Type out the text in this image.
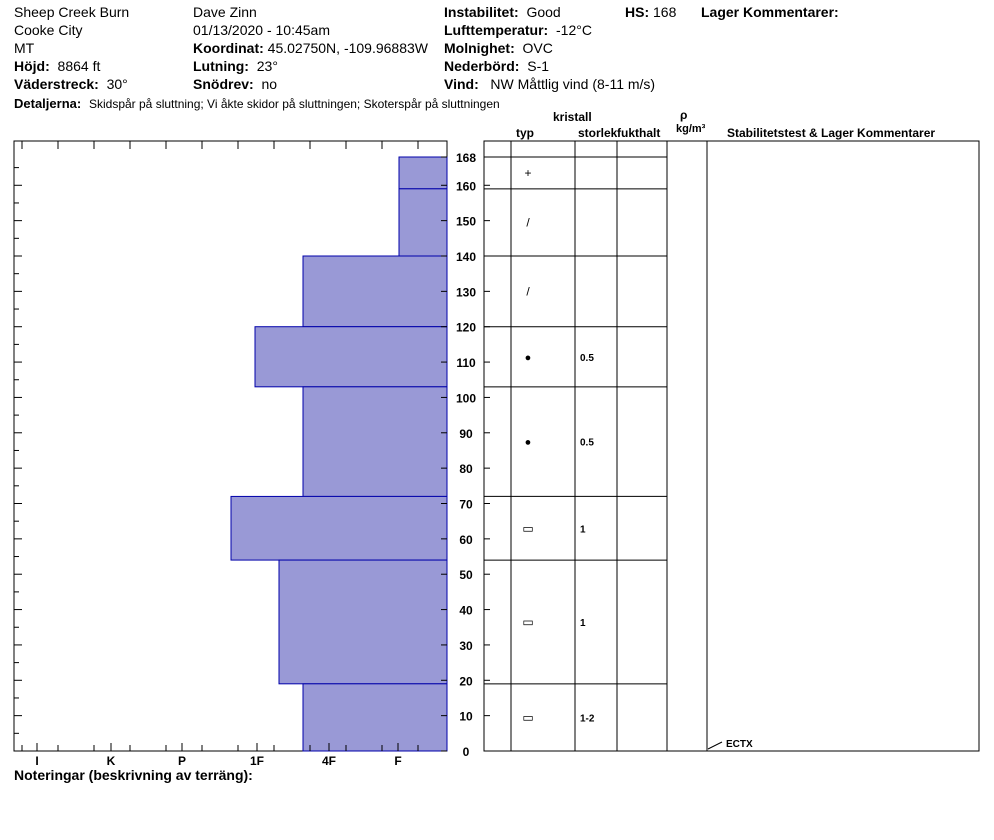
Sheep Creek Burn
Cooke City
MT
Höjd: 8864 ft
Väderstreck: 30°
Detaljerna: Skidspår på sluttning; Vi åkte skidor på sluttningen; Skoterspår på sluttningen
Dave Zinn
01/13/2020 - 10:45am
Koordinat: 45.02750N, -109.96883W
Lutning: 23°
Snödrev: no
Instabilitet: Good
Lufttemperatur: -12°C
Molnighet: OVC
Nederbörd: S-1
Vind: NW Måttlig vind (8-11 m/s)
HS: 168 Lager Kommentarer:
kristall
typ	storlek fukthalt
ρ
kg/m³ Stabilitetstest & Lager Kommentarer
I	K	P	1F	4F	F
0
10
20
30
40
50
60
70
80
90
100
110
120
130
140
150
160
168
+
/
/
●	0.5
●	0.5
▭	1
▭	1
▭	1-2
ECTX
Noteringar (beskrivning av terräng):
